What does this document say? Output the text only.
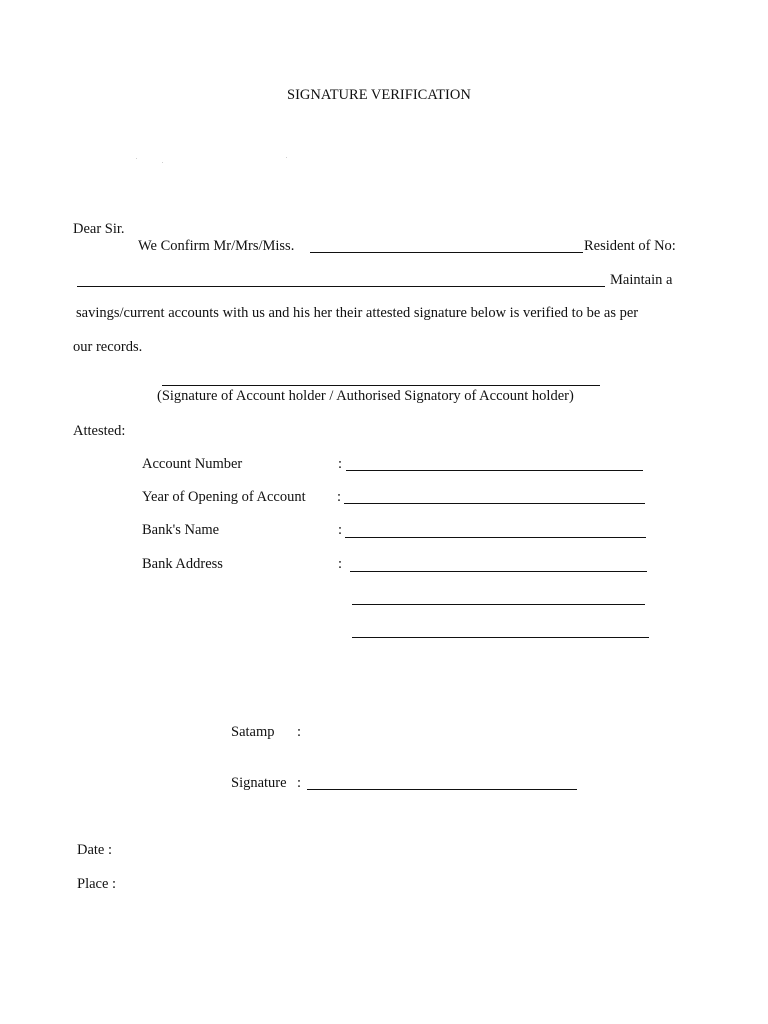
SIGNATURE VERIFICATION
Dear Sir.
We Confirm Mr/Mrs/Miss.	Resident of No:
Maintain a
savings/current accounts with us and his her their attested signature below is verified to be as per
our records.
(Signature of Account holder / Authorised Signatory of Account holder)
Attested:
Account Number	:
Year of Opening of Account :
Bank's Name	:
Bank Address	:
Satamp :
Signature :
Date :
Place :
